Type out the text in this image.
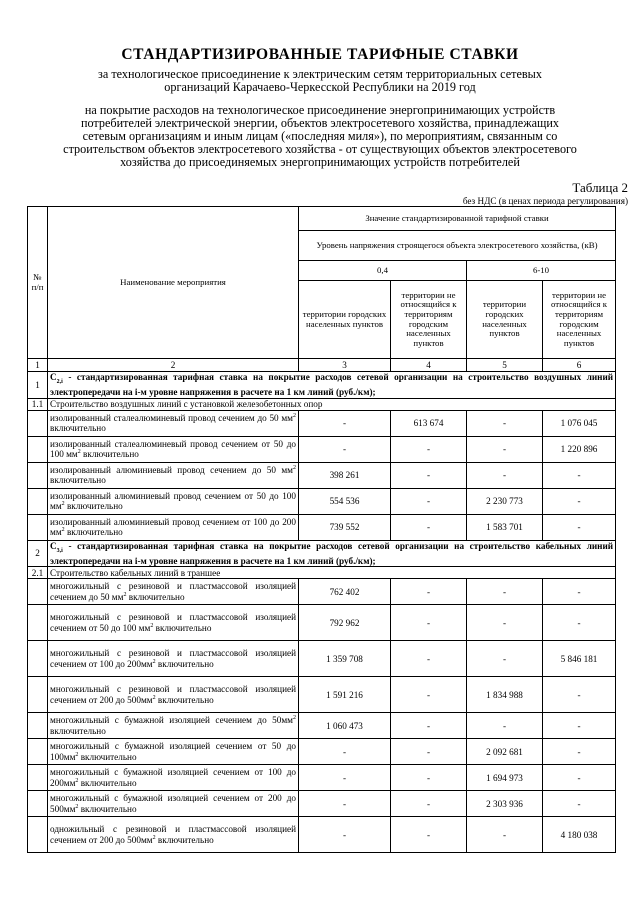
СТАНДАРТИЗИРОВАННЫЕ ТАРИФНЫЕ СТАВКИ
за технологическое присоединение к электрическим сетям территориальных сетевых
организаций Карачаево-Черкесской Республики на 2019 год
на покрытие расходов на технологическое присоединение энергопринимающих устройств
потребителей электрической энергии, объектов электросетевого хозяйства, принадлежащих
сетевым организациям и иным лицам («последняя миля»), по мероприятиям, связанным со
строительством объектов электросетевого хозяйства - от существующих объектов электросетевого
хозяйства до присоединяемых энергопринимающих устройств потребителей
Таблица 2
без НДС (в ценах периода регулирования)
№ п/п	Наименование мероприятия	Значение стандартизированной тарифной ставки			
		Уровень напряжения строящегося объекта электросетевого хозяйства, (кВ)			
		0,4		6-10	
		территории городских населенных пунктов	территории не относящийся к территориям городским населенных пунктов	территории городских населенных пунктов	территории не относящийся к территориям городским населенных пунктов
1	2	3	4	5	6
1	$С_{2,i}$ - стандартизированная тарифная ставка на покрытие расходов сетевой организации на строительство воздушных линий электропередачи на i-м уровне напряжения в расчете на 1 км линий (руб./км);				
1.1	Строительство воздушных линий с установкой железобетонных опор				
	изолированный сталеалюминевый провод сечением до 50 $мм^2$ включительно	-	613 674	-	1 076 045
	изолированный сталеалюминевый провод сечением от 50 до 100 $мм^2$ включительно	-	-	-	1 220 896
	изолированный алюминиевый провод сечением до 50 $мм^2$ включительно	398 261	-	-	-
	изолированный алюминиевый провод сечением от 50 до 100 $мм^2$ включительно	554 536	-	2 230 773	-
	изолированный алюминиевый провод сечением от 100 до 200 $мм^2$ включительно	739 552	-	1 583 701	-
2	$С_{3,i}$ - стандартизированная тарифная ставка на покрытие расходов сетевой организации на строительство кабельных линий электропередачи на i-м уровне напряжения в расчете на 1 км линий (руб./км);				
2.1	Строительство кабельных линий в траншее				
	многожильный с резиновой и пластмассовой изоляцией сечением до 50 $мм^2$ включительно	762 402	-	-	-
	многожильный с резиновой и пластмассовой изоляцией сечением от 50 до 100 $мм^2$ включительно	792 962	-	-	-
	многожильный с резиновой и пластмассовой изоляцией сечением от 100 до $200мм^2$ включительно	1 359 708	-	-	5 846 181
	многожильный с резиновой и пластмассовой изоляцией сечением от 200 до $500мм^2$ включительно	1 591 216	-	1 834 988	-
	многожильный с бумажной изоляцией сечением до $50мм^2$ включительно	1 060 473	-	-	-
	многожильный с бумажной изоляцией сечением от 50 до $100мм^2$ включительно	-	-	2 092 681	-
	многожильный с бумажной изоляцией сечением от 100 до $200мм^2$ включительно	-	-	1 694 973	-
	многожильный с бумажной изоляцией сечением от 200 до $500мм^2$ включительно	-	-	2 303 936	-
	одножильный с резиновой и пластмассовой изоляцией сечением от 200 до $500мм^2$ включительно	-	-	-	4 180 038
